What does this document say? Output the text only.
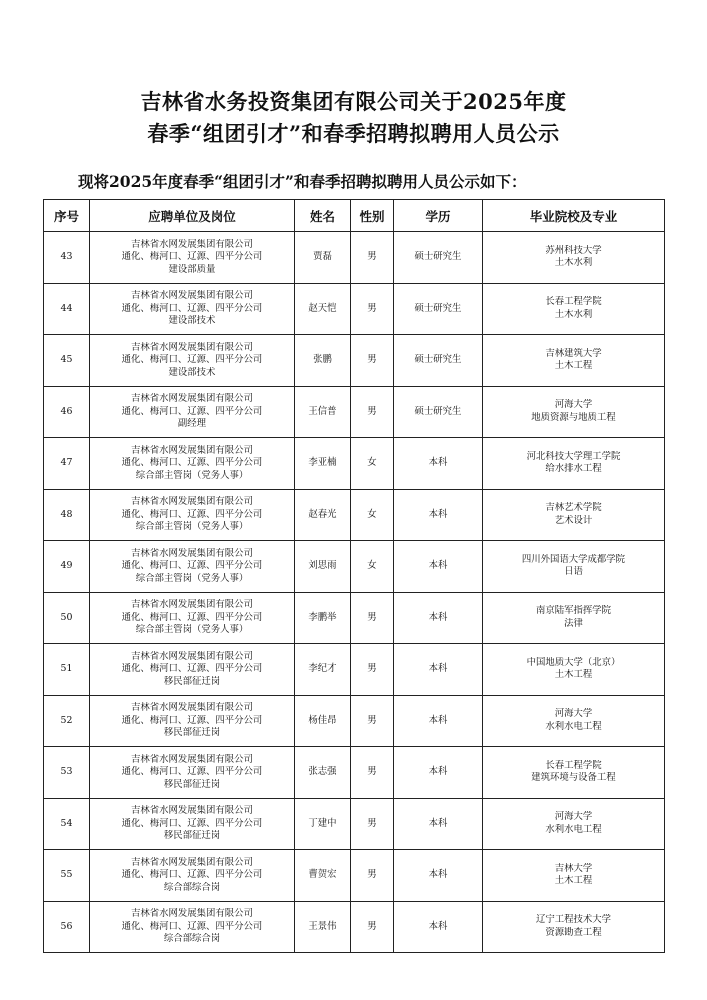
吉林省水务投资集团有限公司关于2025年度
春季“组团引才”和春季招聘拟聘用人员公示
现将2025年度春季“组团引才”和春季招聘拟聘用人员公示如下：
序号	应聘单位及岗位	姓名	性别	学历	毕业院校及专业
43	吉林省水网发展集团有限公司
通化、梅河口、辽源、四平分公司
建设部质量	贾磊	男	硕士研究生	苏州科技大学
土木水利

44	吉林省水网发展集团有限公司
通化、梅河口、辽源、四平分公司
建设部技术	赵天恺	男	硕士研究生	长春工程学院
土木水利

45	吉林省水网发展集团有限公司
通化、梅河口、辽源、四平分公司
建设部技术	张鹏	男	硕士研究生	吉林建筑大学
土木工程

46	吉林省水网发展集团有限公司
通化、梅河口、辽源、四平分公司
副经理	王信普	男	硕士研究生	河海大学
地质资源与地质工程

47	吉林省水网发展集团有限公司
通化、梅河口、辽源、四平分公司
综合部主管岗（党务人事）	李亚楠	女	本科	河北科技大学理工学院
给水排水工程

48	吉林省水网发展集团有限公司
通化、梅河口、辽源、四平分公司
综合部主管岗（党务人事）	赵春光	女	本科	吉林艺术学院
艺术设计

49	吉林省水网发展集团有限公司
通化、梅河口、辽源、四平分公司
综合部主管岗（党务人事）	刘思雨	女	本科	四川外国语大学成都学院
日语

50	吉林省水网发展集团有限公司
通化、梅河口、辽源、四平分公司
综合部主管岗（党务人事）	李鹏举	男	本科	南京陆军指挥学院
法律

51	吉林省水网发展集团有限公司
通化、梅河口、辽源、四平分公司
移民部征迁岗	李纪才	男	本科	中国地质大学（北京）
土木工程

52	吉林省水网发展集团有限公司
通化、梅河口、辽源、四平分公司
移民部征迁岗	杨佳昂	男	本科	河海大学
水利水电工程

53	吉林省水网发展集团有限公司
通化、梅河口、辽源、四平分公司
移民部征迁岗	张志强	男	本科	长春工程学院
建筑环境与设备工程

54	吉林省水网发展集团有限公司
通化、梅河口、辽源、四平分公司
移民部征迁岗	丁建中	男	本科	河海大学
水利水电工程

55	吉林省水网发展集团有限公司
通化、梅河口、辽源、四平分公司
综合部综合岗	曹贺宏	男	本科	吉林大学
土木工程

56	吉林省水网发展集团有限公司
通化、梅河口、辽源、四平分公司
综合部综合岗	王景伟	男	本科	辽宁工程技术大学
资源勘查工程
